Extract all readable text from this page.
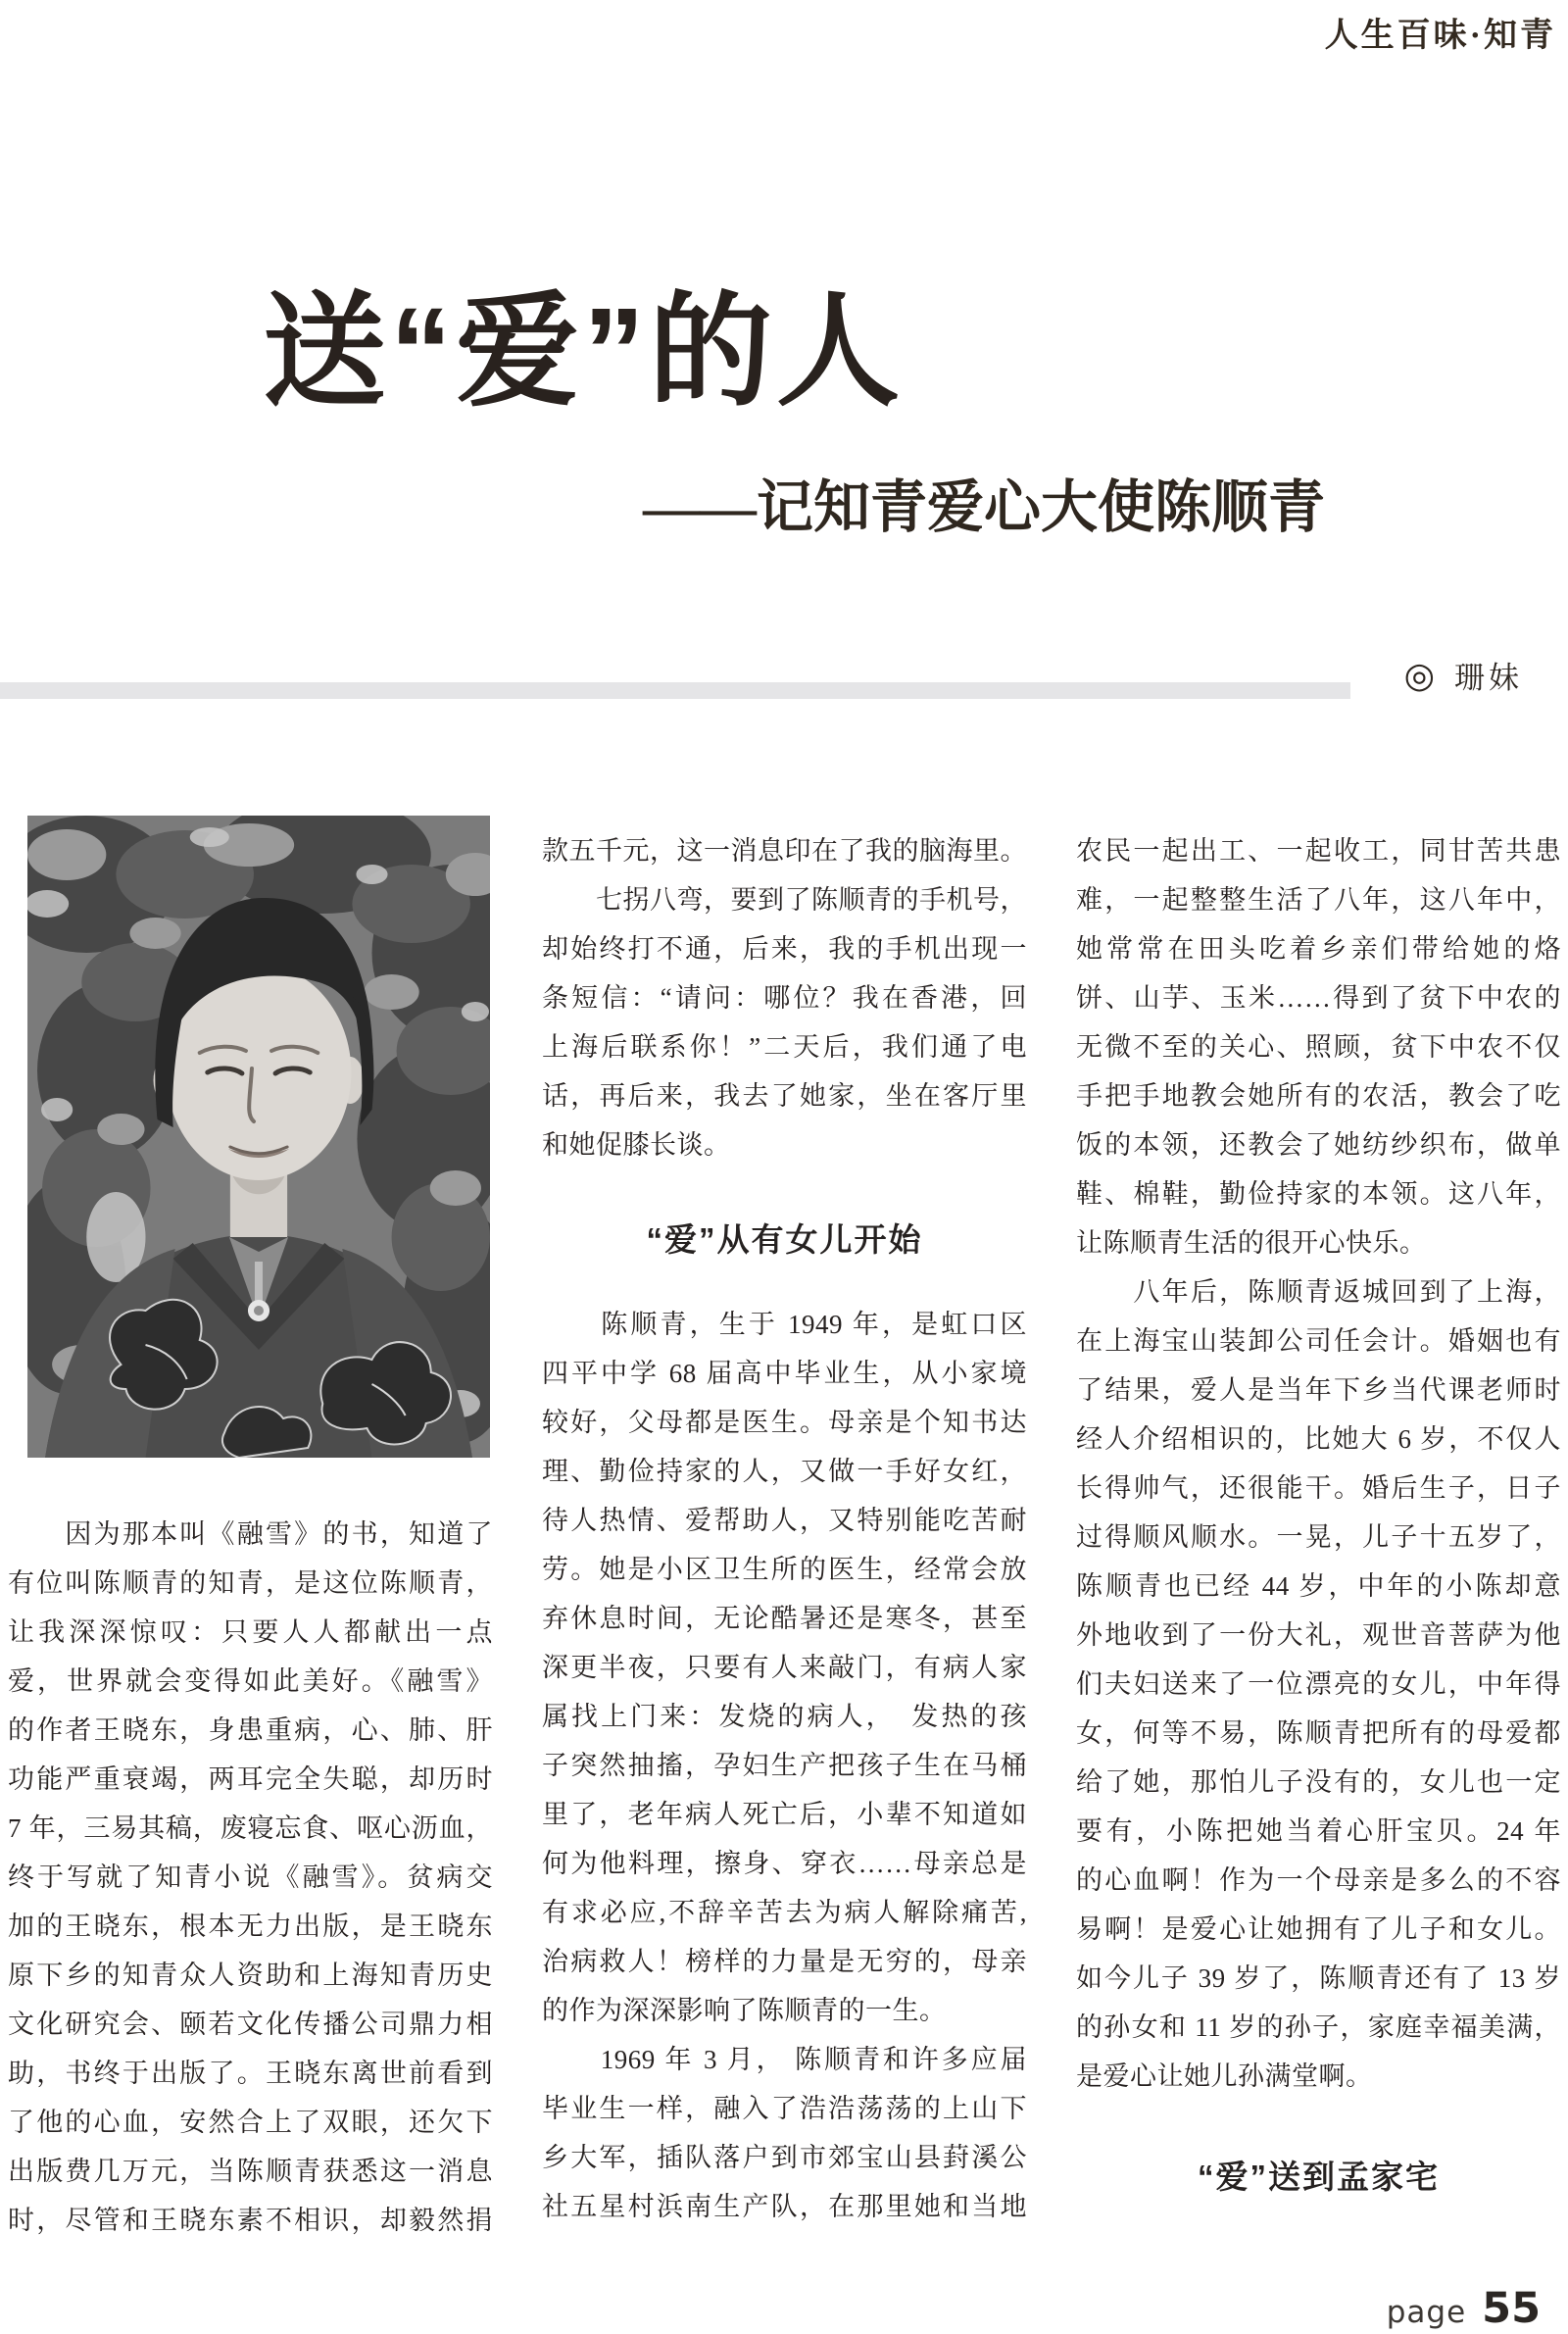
人生百味·知青
送“爱”的人
——记知青爱心大使陈顺青
◎ 珊妹
　　因为那本叫《融雪》的书，知道了
有位叫陈顺青的知青，是这位陈顺青，
让我深深惊叹：只要人人都献出一点
爱，世界就会变得如此美好。《融雪》
的作者王晓东，身患重病，心、肺、肝
功能严重衰竭，两耳完全失聪，却历时
7 年，三易其稿，废寝忘食、呕心沥血，
终于写就了知青小说《融雪》。贫病交
加的王晓东，根本无力出版，是王晓东
原下乡的知青众人资助和上海知青历史
文化研究会、颐若文化传播公司鼎力相
助，书终于出版了。王晓东离世前看到
了他的心血，安然合上了双眼，还欠下
出版费几万元，当陈顺青获悉这一消息
时，尽管和王晓东素不相识，却毅然捐
款五千元，这一消息印在了我的脑海里。
　　七拐八弯，要到了陈顺青的手机号，
却始终打不通，后来，我的手机出现一
条短信：“请问：哪位？我在香港，回
上海后联系你！”二天后，我们通了电
话，再后来，我去了她家，坐在客厅里
和她促膝长谈。
“爱”从有女儿开始
　　陈顺青，生于 1949 年，是虹口区
四平中学 68 届高中毕业生，从小家境
较好，父母都是医生。母亲是个知书达
理、勤俭持家的人，又做一手好女红，
待人热情、爱帮助人，又特别能吃苦耐
劳。她是小区卫生所的医生，经常会放
弃休息时间，无论酷暑还是寒冬，甚至
深更半夜，只要有人来敲门，有病人家
属找上门来：发烧的病人，　发热的孩
子突然抽搐，孕妇生产把孩子生在马桶
里了，老年病人死亡后，小辈不知道如
何为他料理，擦身、穿衣……母亲总是
有求必应,不辞辛苦去为病人解除痛苦,
治病救人！榜样的力量是无穷的，母亲
的作为深深影响了陈顺青的一生。
　　1969 年 3 月， 陈顺青和许多应届
毕业生一样，融入了浩浩荡荡的上山下
乡大军，插队落户到市郊宝山县葑溪公
社五星村浜南生产队，在那里她和当地
农民一起出工、一起收工，同甘苦共患
难，一起整整生活了八年，这八年中，
她常常在田头吃着乡亲们带给她的烙
饼、山芋、玉米……得到了贫下中农的
无微不至的关心、照顾，贫下中农不仅
手把手地教会她所有的农活，教会了吃
饭的本领，还教会了她纺纱织布，做单
鞋、棉鞋，勤俭持家的本领。这八年，
让陈顺青生活的很开心快乐。
　　八年后，陈顺青返城回到了上海，
在上海宝山装卸公司任会计。婚姻也有
了结果，爱人是当年下乡当代课老师时
经人介绍相识的，比她大 6 岁，不仅人
长得帅气，还很能干。婚后生子，日子
过得顺风顺水。一晃，儿子十五岁了，
陈顺青也已经 44 岁，中年的小陈却意
外地收到了一份大礼，观世音菩萨为他
们夫妇送来了一位漂亮的女儿，中年得
女，何等不易，陈顺青把所有的母爱都
给了她，那怕儿子没有的，女儿也一定
要有，小陈把她当着心肝宝贝。24 年
的心血啊！作为一个母亲是多么的不容
易啊！是爱心让她拥有了儿子和女儿。
如今儿子 39 岁了，陈顺青还有了 13 岁
的孙女和 11 岁的孙子，家庭幸福美满，
是爱心让她儿孙满堂啊。
“爱”送到孟家宅
page 55
